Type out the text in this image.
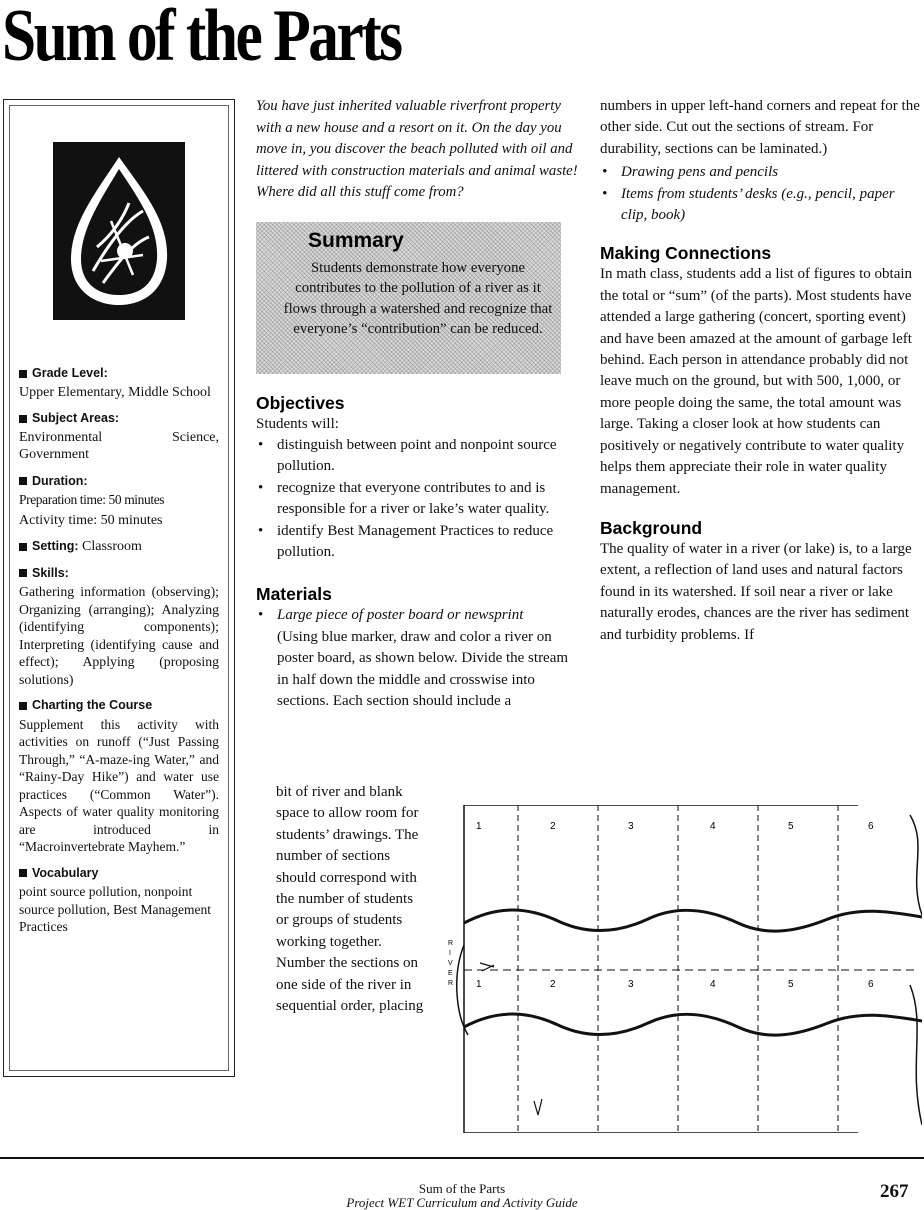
Sum of the Parts
Grade Level:

Upper Elementary, Middle School

Subject Areas:

Environmental Science, Government

Duration:

Preparation time: 50 minutes

Activity time: 50 minutes

Setting:
Classroom
Skills:

Gathering information (observing); Organizing (arranging); Analyzing (identifying components); Interpreting (identifying cause and effect); Applying (proposing solutions)

Charting the Course

Supplement this activity with activities on runoff (“Just Passing Through,” “A-maze-ing Water,” and “Rainy-Day Hike”) and water use practices (“Common Water”). Aspects of water quality monitoring are introduced in “Macroinvertebrate Mayhem.”

Vocabulary

point source pollution, nonpoint source pollution, Best Management Practices

You have just inherited valuable riverfront property with a new house and a resort on it. On the day you move in, you discover the beach polluted with oil and littered with construction materials and animal waste! Where did all this stuff come from?

Summary
Students demonstrate how everyone contributes to the pollution of a river as it flows through a watershed and recognize that everyone’s “contribution” can be reduced.
Objectives

Students will:

• distinguish between point and nonpoint source pollution.
• recognize that everyone contributes to and is responsible for a river or lake’s water quality.
• identify Best Management Practices to reduce pollution.
Materials
• Large piece of poster board or newsprint
(Using blue marker, draw and color a river on poster board, as shown below. Divide the stream in half down the middle and crosswise into sections. Each section should include a
bit of river and blank space to allow room for students’ drawings. The number of sections should correspond with the number of students or groups of students working together. Number the sections on one side of the river in sequential order, placing

numbers in upper left-hand corners and repeat for the other side. Cut out the sections of stream. For durability, sections can be laminated.)

• Drawing pens and pencils
• Items from students’ desks (e.g., pencil, paper clip, book)
Making Connections

In math class, students add a list of figures to obtain the total or “sum” (of the parts). Most students have attended a large gathering (concert, sporting event) and have been amazed at the amount of garbage left behind. Each person in attendance probably did not leave much on the ground, but with 500, 1,000, or more people doing the same, the total amount was large. Taking a closer look at how students can positively or negatively contribute to water quality helps them appreciate their role in water quality management.

Background

The quality of water in a river (or lake) is, to a large extent, a reflection of land uses and natural factors found in its watershed. If soil near a river or lake naturally erodes, chances are the river has sediment and turbidity problems. If

1	2	3	4	5	6
1	2	3	4	5	6
R
I
V
E
R
Sum of the Parts
Project WET Curriculum and Activity Guide
267
